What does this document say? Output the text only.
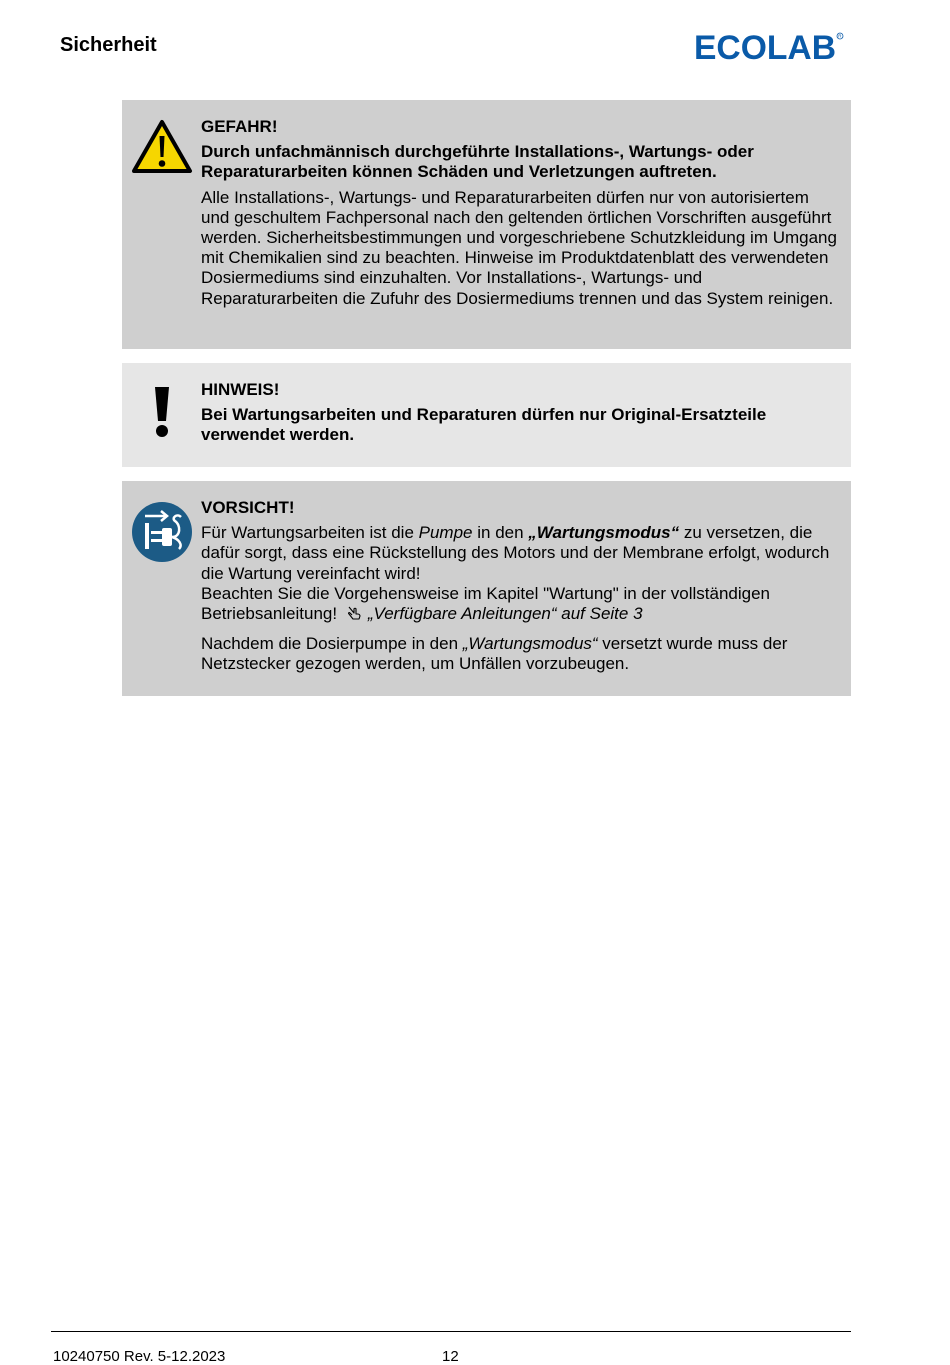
Sicherheit	ECOLAB R

GEFAHR!

Durch unfachmännisch durchgeführte Installations-, Wartungs- oder Reparaturarbeiten können Schäden und Verletzungen auftreten.

Alle Installations-, Wartungs- und Reparaturarbeiten dürfen nur von autorisiertem und geschultem Fachpersonal nach den geltenden örtlichen Vorschriften ausgeführt werden. Sicherheitsbestimmungen und vorgeschriebene Schutzkleidung im Umgang mit Chemikalien sind zu beachten. Hinweise im Produktdatenblatt des verwendeten Dosiermediums sind einzuhalten. Vor Installations-, Wartungs- und Reparaturarbeiten die Zufuhr des Dosiermediums trennen und das System reinigen.

HINWEIS!

Bei Wartungsarbeiten und Reparaturen dürfen nur Original-Ersatzteile verwendet werden.

VORSICHT!

Für Wartungsarbeiten ist die Pumpe in den „Wartungsmodus“ zu versetzen, die dafür sorgt, dass eine Rückstellung des Motors und der Membrane erfolgt, wodurch die Wartung vereinfacht wird!
Beachten Sie die Vorgehensweise im Kapitel "Wartung" in der vollständigen Betriebsanleitung! „Verfügbare Anleitungen“ auf Seite 3

Nachdem die Dosierpumpe in den „Wartungsmodus“ versetzt wurde muss der Netzstecker gezogen werden, um Unfällen vorzubeugen.

10240750 Rev. 5-12.2023	12
